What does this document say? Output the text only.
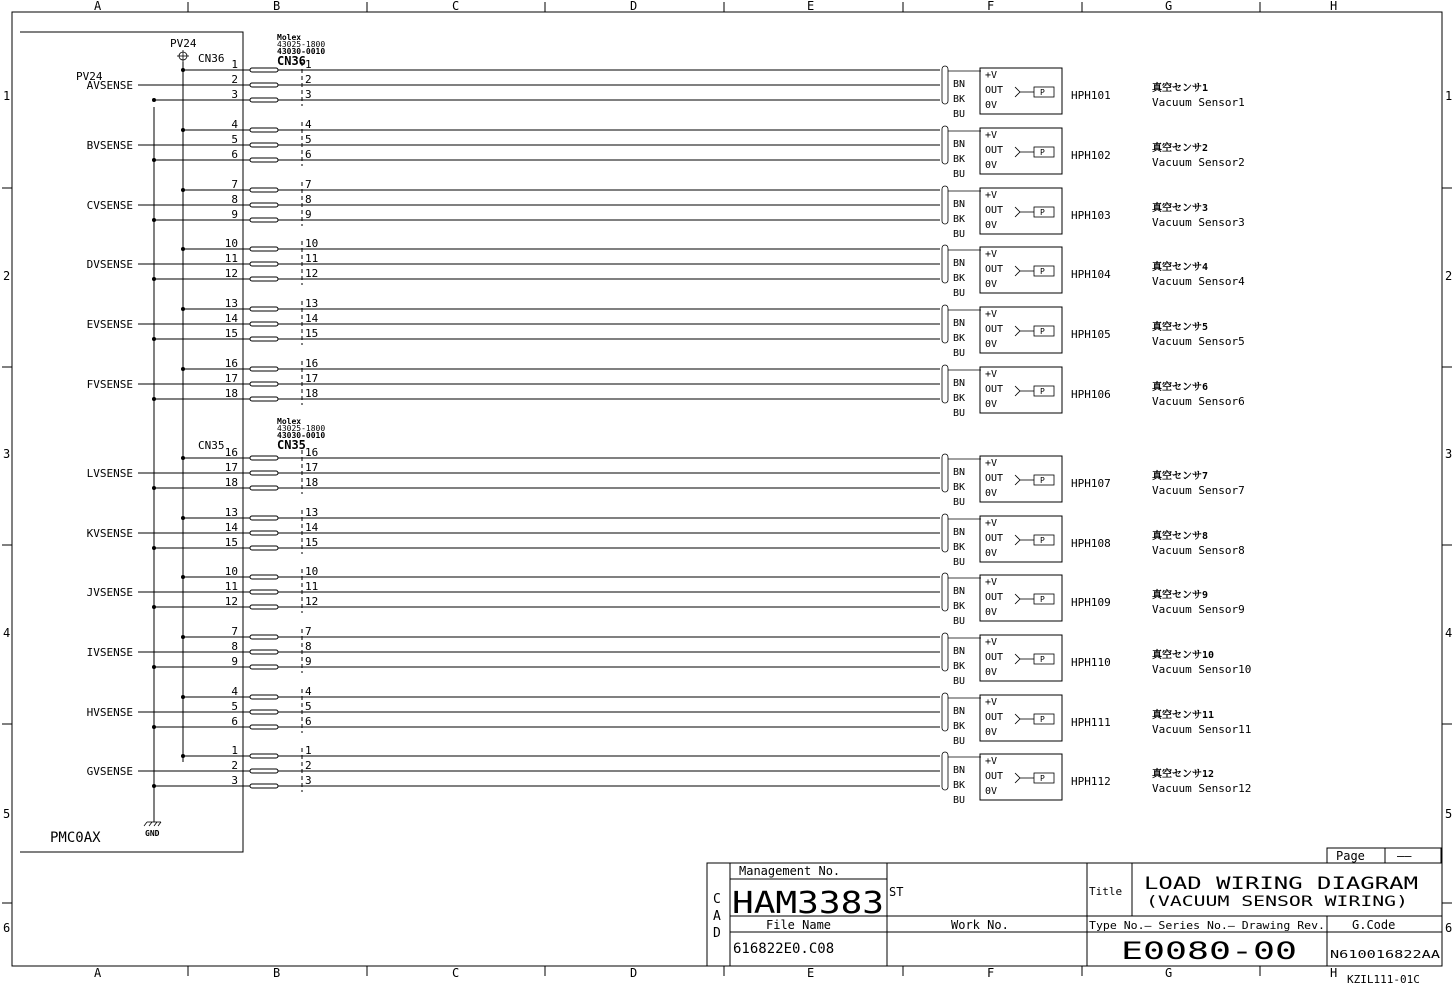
A
A
B
B
C
C
D
D
E
E
F
F
G
G
H
H
1	1
2	2
3	3
4	4
5	5
6	6
PMC0AX
PV24
PV24
GND
CN36
Molex
43025-1800
43030-0010
CN36
CN35
Molex
43025-1800
43030-0010
CN35
AVSENSE
1	1
2	2
3	3
BN
BK
BU
+V
OUT
0V
P HPH101
真空センサ1
Vacuum Sensor1
BVSENSE
4	4
5	5
6	6
BN
BK
BU
+V
OUT
0V
P HPH102
真空センサ2
Vacuum Sensor2
CVSENSE
7	7
8	8
9	9
BN
BK
BU
+V
OUT
0V
P HPH103
真空センサ3
Vacuum Sensor3
DVSENSE
10	10
11	11
12	12
BN
BK
BU
+V
OUT
0V
P HPH104
真空センサ4
Vacuum Sensor4
EVSENSE
13	13
14	14
15	15
BN
BK
BU
+V
OUT
0V
P HPH105
真空センサ5
Vacuum Sensor5
FVSENSE
16	16
17	17
18	18
BN
BK
BU
+V
OUT
0V
P HPH106
真空センサ6
Vacuum Sensor6
LVSENSE
16	16
17	17
18	18
BN
BK
BU
+V
OUT
0V
P HPH107
真空センサ7
Vacuum Sensor7
KVSENSE
13	13
14	14
15	15
BN
BK
BU
+V
OUT
0V
P HPH108
真空センサ8
Vacuum Sensor8
JVSENSE
10	10
11	11
12	12
BN
BK
BU
+V
OUT
0V
P HPH109
真空センサ9
Vacuum Sensor9
IVSENSE
7	7
8	8
9	9
BN
BK
BU
+V
OUT
0V
P HPH110
真空センサ10
Vacuum Sensor10
HVSENSE
4	4
5	5
6	6
BN
BK
BU
+V
OUT
0V
P HPH111
真空センサ11
Vacuum Sensor11
GVSENSE
1	1
2	2
3	3
BN
BK
BU
+V
OUT
0V
P HPH112
真空センサ12
Vacuum Sensor12
Page	——
Management No.
HAM3383 ST
C
A
D
File Name
616822E0.C08
Work No.
Title LOAD WIRING DIAGRAM
(VACUUM SENSOR WIRING)
Type No.— Series No.— Drawing Rev.
E0080-00
G.Code
N610016822AA
KZIL111-01C
